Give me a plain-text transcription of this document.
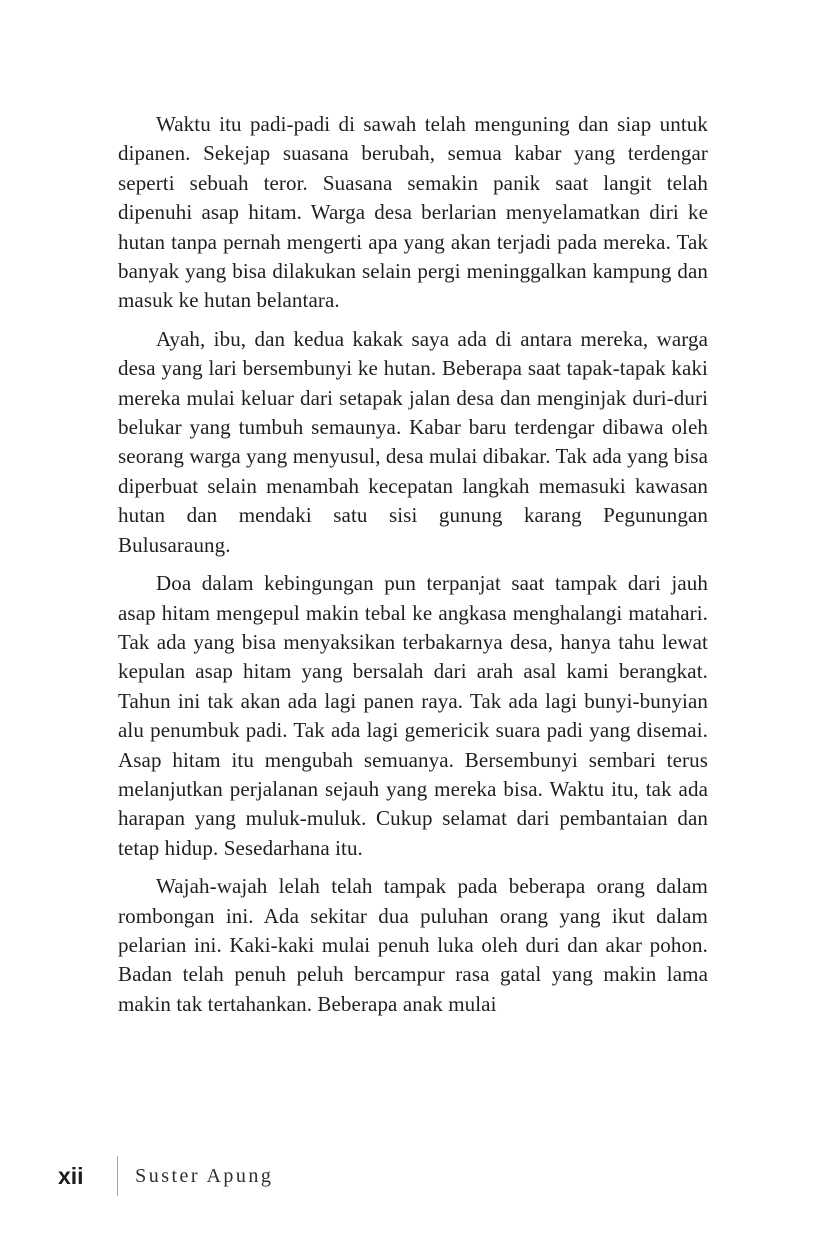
Waktu itu padi-padi di sawah telah menguning dan siap untuk dipanen. Sekejap suasana berubah, semua kabar yang terdengar seperti sebuah teror. Suasana semakin panik saat langit telah dipenuhi asap hitam. Warga desa berlarian menyelamatkan diri ke hutan tanpa pernah mengerti apa yang akan terjadi pada mereka. Tak banyak yang bisa dilakukan selain pergi meninggalkan kampung dan masuk ke hutan belantara.

Ayah, ibu, dan kedua kakak saya ada di antara mereka, warga desa yang lari bersembunyi ke hutan. Beberapa saat tapak-tapak kaki mereka mulai keluar dari setapak jalan desa dan menginjak duri-duri belukar yang tumbuh semaunya. Kabar baru terdengar dibawa oleh seorang warga yang menyusul, desa mulai dibakar. Tak ada yang bisa diperbuat selain menambah kecepatan langkah memasuki kawasan hutan dan mendaki satu sisi gunung karang Pegunungan Bulusaraung.

Doa dalam kebingungan pun terpanjat saat tampak dari jauh asap hitam mengepul makin tebal ke angkasa menghalangi matahari. Tak ada yang bisa menyaksikan terbakarnya desa, hanya tahu lewat kepulan asap hitam yang bersalah dari arah asal kami berangkat. Tahun ini tak akan ada lagi panen raya. Tak ada lagi bunyi-bunyian alu penumbuk padi. Tak ada lagi gemericik suara padi yang disemai. Asap hitam itu mengubah semuanya. Bersembunyi sembari terus melanjutkan perjalanan sejauh yang mereka bisa. Waktu itu, tak ada harapan yang muluk-muluk. Cukup selamat dari pembantaian dan tetap hidup. Sesedarhana itu.

Wajah-wajah lelah telah tampak pada beberapa orang dalam rombongan ini. Ada sekitar dua puluhan orang yang ikut dalam pelarian ini. Kaki-kaki mulai penuh luka oleh duri dan akar pohon. Badan telah penuh peluh bercampur rasa gatal yang makin lama makin tak tertahankan. Beberapa anak mulai

xii	Suster Apung
